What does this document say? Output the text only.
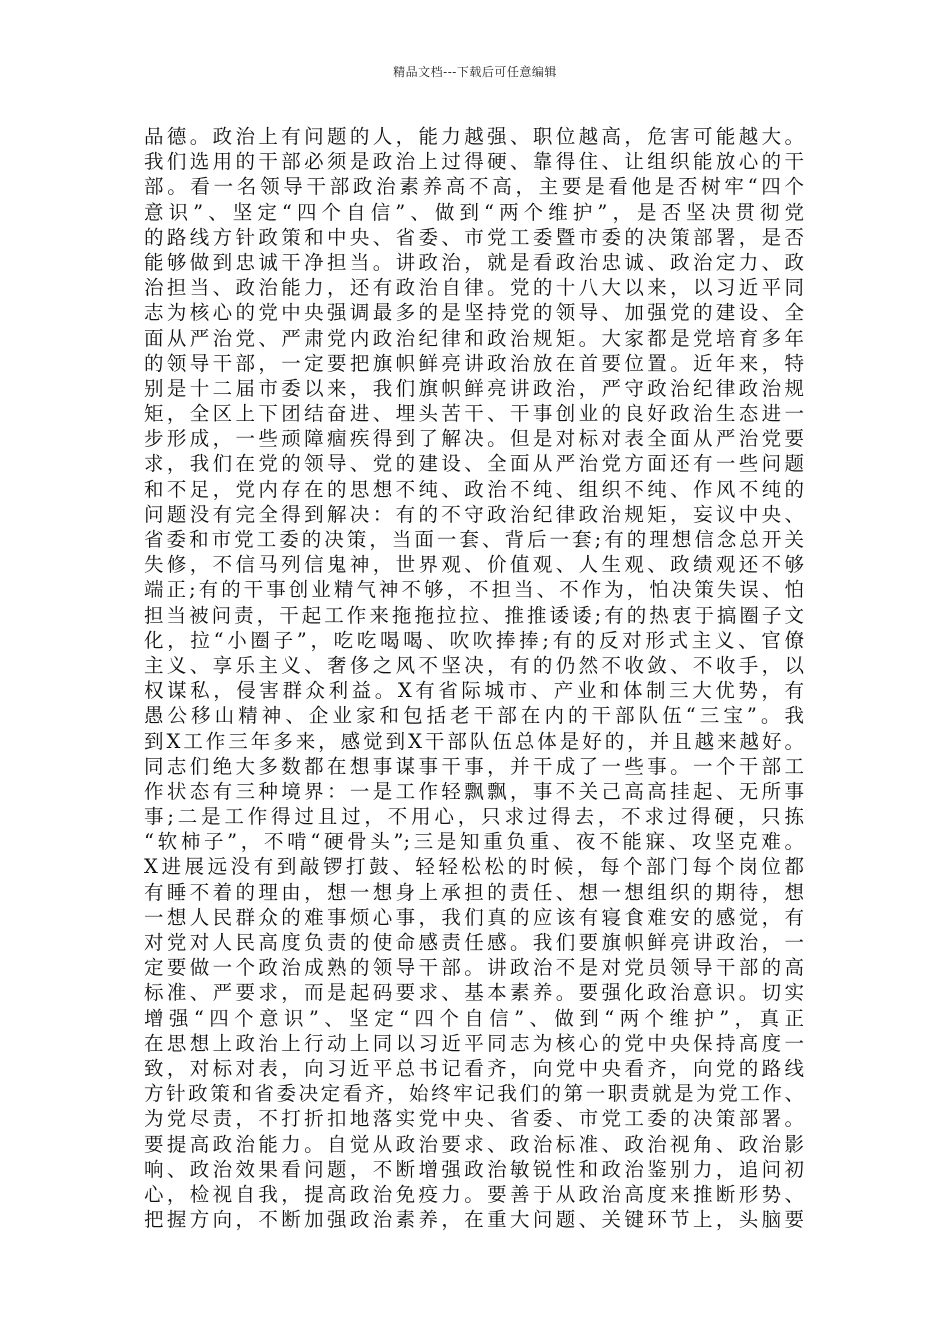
精品文档---下载后可任意编辑
品德。政治上有问题的人，能力越强、职位越高，危害可能越大。
我们选用的干部必须是政治上过得硬、靠得住、让组织能放心的干
部。看一名领导干部政治素养高不高，主要是看他是否树牢“四个
意识”、坚定“四个自信”、做到“两个维护”，是否坚决贯彻党
的路线方针政策和中央、省委、市党工委暨市委的决策部署，是否
能够做到忠诚干净担当。讲政治，就是看政治忠诚、政治定力、政
治担当、政治能力，还有政治自律。党的十八大以来，以习近平同
志为核心的党中央强调最多的是坚持党的领导、加强党的建设、全
面从严治党、严肃党内政治纪律和政治规矩。大家都是党培育多年
的领导干部，一定要把旗帜鲜亮讲政治放在首要位置。近年来，特
别是十二届市委以来，我们旗帜鲜亮讲政治，严守政治纪律政治规
矩，全区上下团结奋进、埋头苦干、干事创业的良好政治生态进一
步形成，一些顽障痼疾得到了解决。但是对标对表全面从严治党要
求，我们在党的领导、党的建设、全面从严治党方面还有一些问题
和不足，党内存在的思想不纯、政治不纯、组织不纯、作风不纯的
问题没有完全得到解决：有的不守政治纪律政治规矩，妄议中央、
省委和市党工委的决策，当面一套、背后一套;有的理想信念总开关
失修，不信马列信鬼神，世界观、价值观、人生观、政绩观还不够
端正;有的干事创业精气神不够，不担当、不作为，怕决策失误、怕
担当被问责，干起工作来拖拖拉拉、推推诿诿;有的热衷于搞圈子文
化，拉“小圈子”，吃吃喝喝、吹吹捧捧;有的反对形式主义、官僚
主义、享乐主义、奢侈之风不坚决，有的仍然不收敛、不收手，以
权谋私，侵害群众利益。X有省际城市、产业和体制三大优势，有
愚公移山精神、企业家和包括老干部在内的干部队伍“三宝”。我
到X工作三年多来，感觉到X干部队伍总体是好的，并且越来越好。
同志们绝大多数都在想事谋事干事，并干成了一些事。一个干部工
作状态有三种境界：一是工作轻飘飘，事不关己高高挂起、无所事
事;二是工作得过且过，不用心，只求过得去，不求过得硬，只拣
“软柿子”，不啃“硬骨头”;三是知重负重、夜不能寐、攻坚克难。
X进展远没有到敲锣打鼓、轻轻松松的时候，每个部门每个岗位都
有睡不着的理由，想一想身上承担的责任、想一想组织的期待，想
一想人民群众的难事烦心事，我们真的应该有寝食难安的感觉，有
对党对人民高度负责的使命感责任感。我们要旗帜鲜亮讲政治，一
定要做一个政治成熟的领导干部。讲政治不是对党员领导干部的高
标准、严要求，而是起码要求、基本素养。要强化政治意识。切实
增强“四个意识”、坚定“四个自信”、做到“两个维护”，真正
在思想上政治上行动上同以习近平同志为核心的党中央保持高度一
致，对标对表，向习近平总书记看齐，向党中央看齐，向党的路线
方针政策和省委决定看齐，始终牢记我们的第一职责就是为党工作、
为党尽责，不打折扣地落实党中央、省委、市党工委的决策部署。
要提高政治能力。自觉从政治要求、政治标准、政治视角、政治影
响、政治效果看问题，不断增强政治敏锐性和政治鉴别力，追问初
心，检视自我，提高政治免疫力。要善于从政治高度来推断形势、
把握方向，不断加强政治素养，在重大问题、关键环节上，头脑要
